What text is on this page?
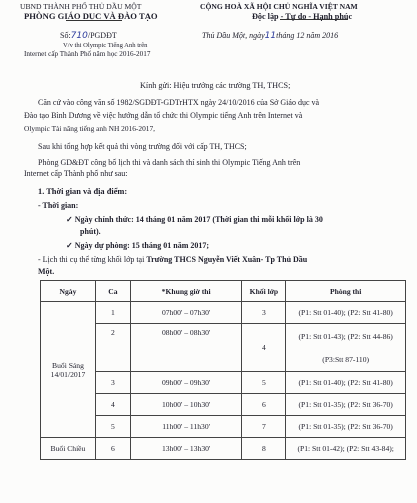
UBND THÀNH PHỐ THỦ DẦU MỘT
PHÒNG GIÁO DỤC VÀ ĐÀO TẠO
CỘNG HOÀ XÃ HỘI CHỦ NGHĨA VIỆT NAM
Độc lập - Tự do - Hạnh phúc
Số:710/PGDĐT
V/v thi Olympic Tiếng Anh trên
Internet cấp Thành Phố năm học 2016-2017
Thủ Dầu Một, ngày11tháng 12 năm 2016
Kính gửi: Hiệu trưởng các trường TH, THCS;
Căn cứ vào công văn số 1982/SGDĐT-GDTrHTX ngày 24/10/2016 của Sở Giáo dục và
Đào tạo Bình Dương về việc hướng dẫn tổ chức thi Olympic tiếng Anh trên Internet và
Olympic Tài năng tiếng anh NH 2016-2017,
Sau khi tổng hợp kết quả thi vòng trường đối với cấp TH, THCS;
Phòng GD&ĐT công bố lịch thi và danh sách thí sinh thi Olympic Tiếng Anh trên
Internet cấp Thành phố như sau:
1. Thời gian và địa điểm:
- Thời gian:
✓ Ngày chính thức: 14 tháng 01 năm 2017 (Thời gian thi mỗi khối lớp là 30
phút).
✓ Ngày dự phòng: 15 tháng 01 năm 2017;
- Lịch thi cụ thể từng khối lớp tại Trường THCS Nguyễn Viết Xuân- Tp Thủ Dầu
Một.
Ngày	Ca	*Khung giờ thi	Khối lớp	Phòng thi
Buổi Sáng 14/01/2017	1	07h00' – 07h30'	3	(P1: Stt 01-40); (P2: Stt 41-80)
	2	08h00' – 08h30'	4	(P1: Stt 01-43); (P2: Stt 44-86)
(P3:Stt 87-110)

	3	09h00' – 09h30'	5	(P1: Stt 01-40); (P2: Stt 41-80)
	4	10h00' – 10h30'	6	(P1: Stt 01-35); (P2: Stt 36-70)
	5	11h00' – 11h30'	7	(P1: Stt 01-35); (P2: Stt 36-70)
Buổi Chiều	6	13h00' – 13h30'	8	(P1: Stt 01-42); (P2: Stt 43-84);
